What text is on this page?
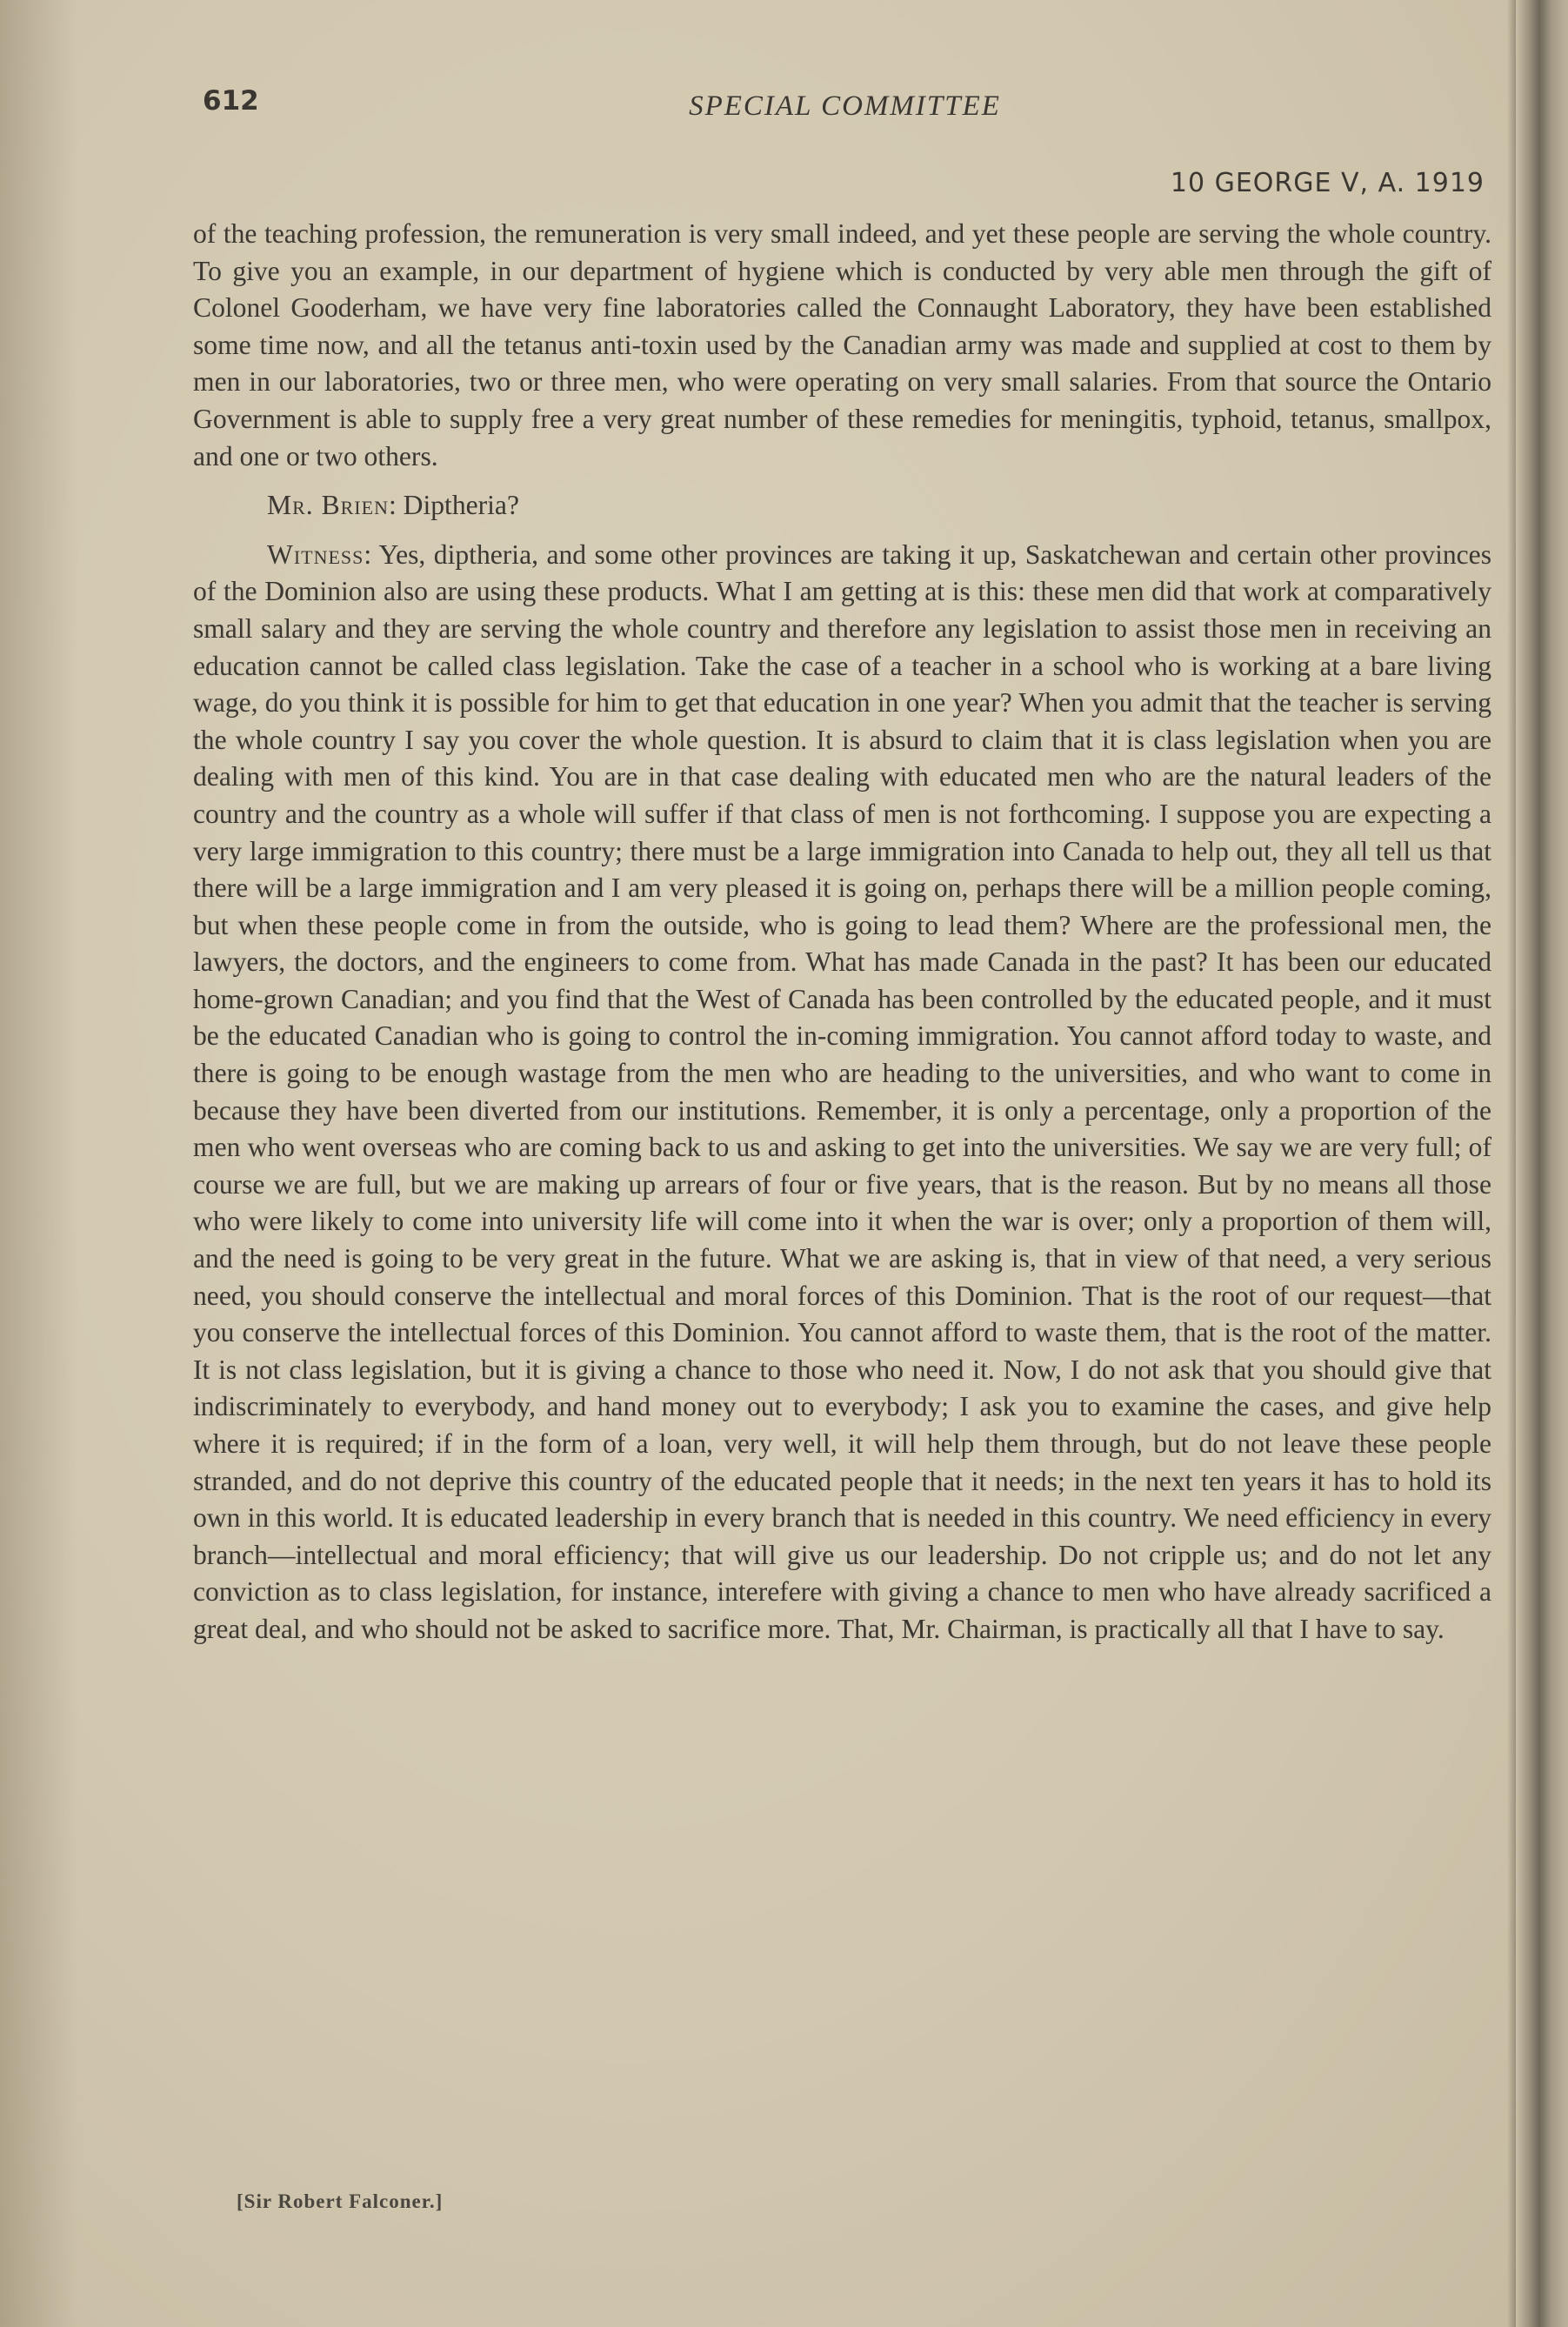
612	SPECIAL COMMITTEE
10 GEORGE V, A. 1919

of the teaching profession, the remuneration is very small indeed, and yet these people are serving the whole country. To give you an example, in our department of hygiene which is conducted by very able men through the gift of Colonel Gooderham, we have very fine laboratories called the Connaught Laboratory, they have been established some time now, and all the tetanus anti-toxin used by the Canadian army was made and supplied at cost to them by men in our laboratories, two or three men, who were operating on very small salaries. From that source the Ontario Government is able to supply free a very great number of these remedies for meningitis, typhoid, tetanus, smallpox, and one or two others.

Mr. Brien: Diptheria?

Witness: Yes, diptheria, and some other provinces are taking it up, Saskatchewan and certain other provinces of the Dominion also are using these products. What I am getting at is this: these men did that work at comparatively small salary and they are serving the whole country and therefore any legislation to assist those men in receiving an education cannot be called class legislation. Take the case of a teacher in a school who is working at a bare living wage, do you think it is possible for him to get that education in one year? When you admit that the teacher is serving the whole country I say you cover the whole question. It is absurd to claim that it is class legislation when you are dealing with men of this kind. You are in that case dealing with educated men who are the natural leaders of the country and the country as a whole will suffer if that class of men is not forthcoming. I suppose you are expecting a very large immigration to this country; there must be a large immigration into Canada to help out, they all tell us that there will be a large immigration and I am very pleased it is going on, perhaps there will be a million people coming, but when these people come in from the outside, who is going to lead them? Where are the professional men, the lawyers, the doctors, and the engineers to come from. What has made Canada in the past? It has been our educated home-grown Canadian; and you find that the West of Canada has been controlled by the educated people, and it must be the educated Canadian who is going to control the in-coming immigration. You cannot afford today to waste, and there is going to be enough wastage from the men who are heading to the universities, and who want to come in because they have been diverted from our institutions. Remember, it is only a percentage, only a proportion of the men who went overseas who are coming back to us and asking to get into the universities. We say we are very full; of course we are full, but we are making up arrears of four or five years, that is the reason. But by no means all those who were likely to come into university life will come into it when the war is over; only a proportion of them will, and the need is going to be very great in the future. What we are asking is, that in view of that need, a very serious need, you should conserve the intellectual and moral forces of this Dominion. That is the root of our request—that you conserve the intellectual forces of this Dominion. You cannot afford to waste them, that is the root of the matter. It is not class legislation, but it is giving a chance to those who need it. Now, I do not ask that you should give that indiscriminately to everybody, and hand money out to everybody; I ask you to examine the cases, and give help where it is required; if in the form of a loan, very well, it will help them through, but do not leave these people stranded, and do not deprive this country of the educated people that it needs; in the next ten years it has to hold its own in this world. It is educated leadership in every branch that is needed in this country. We need efficiency in every branch—intellectual and moral efficiency; that will give us our leadership. Do not cripple us; and do not let any conviction as to class legislation, for instance, interefere with giving a chance to men who have already sacrificed a great deal, and who should not be asked to sacrifice more. That, Mr. Chairman, is practically all that I have to say.

[Sir Robert Falconer.]
